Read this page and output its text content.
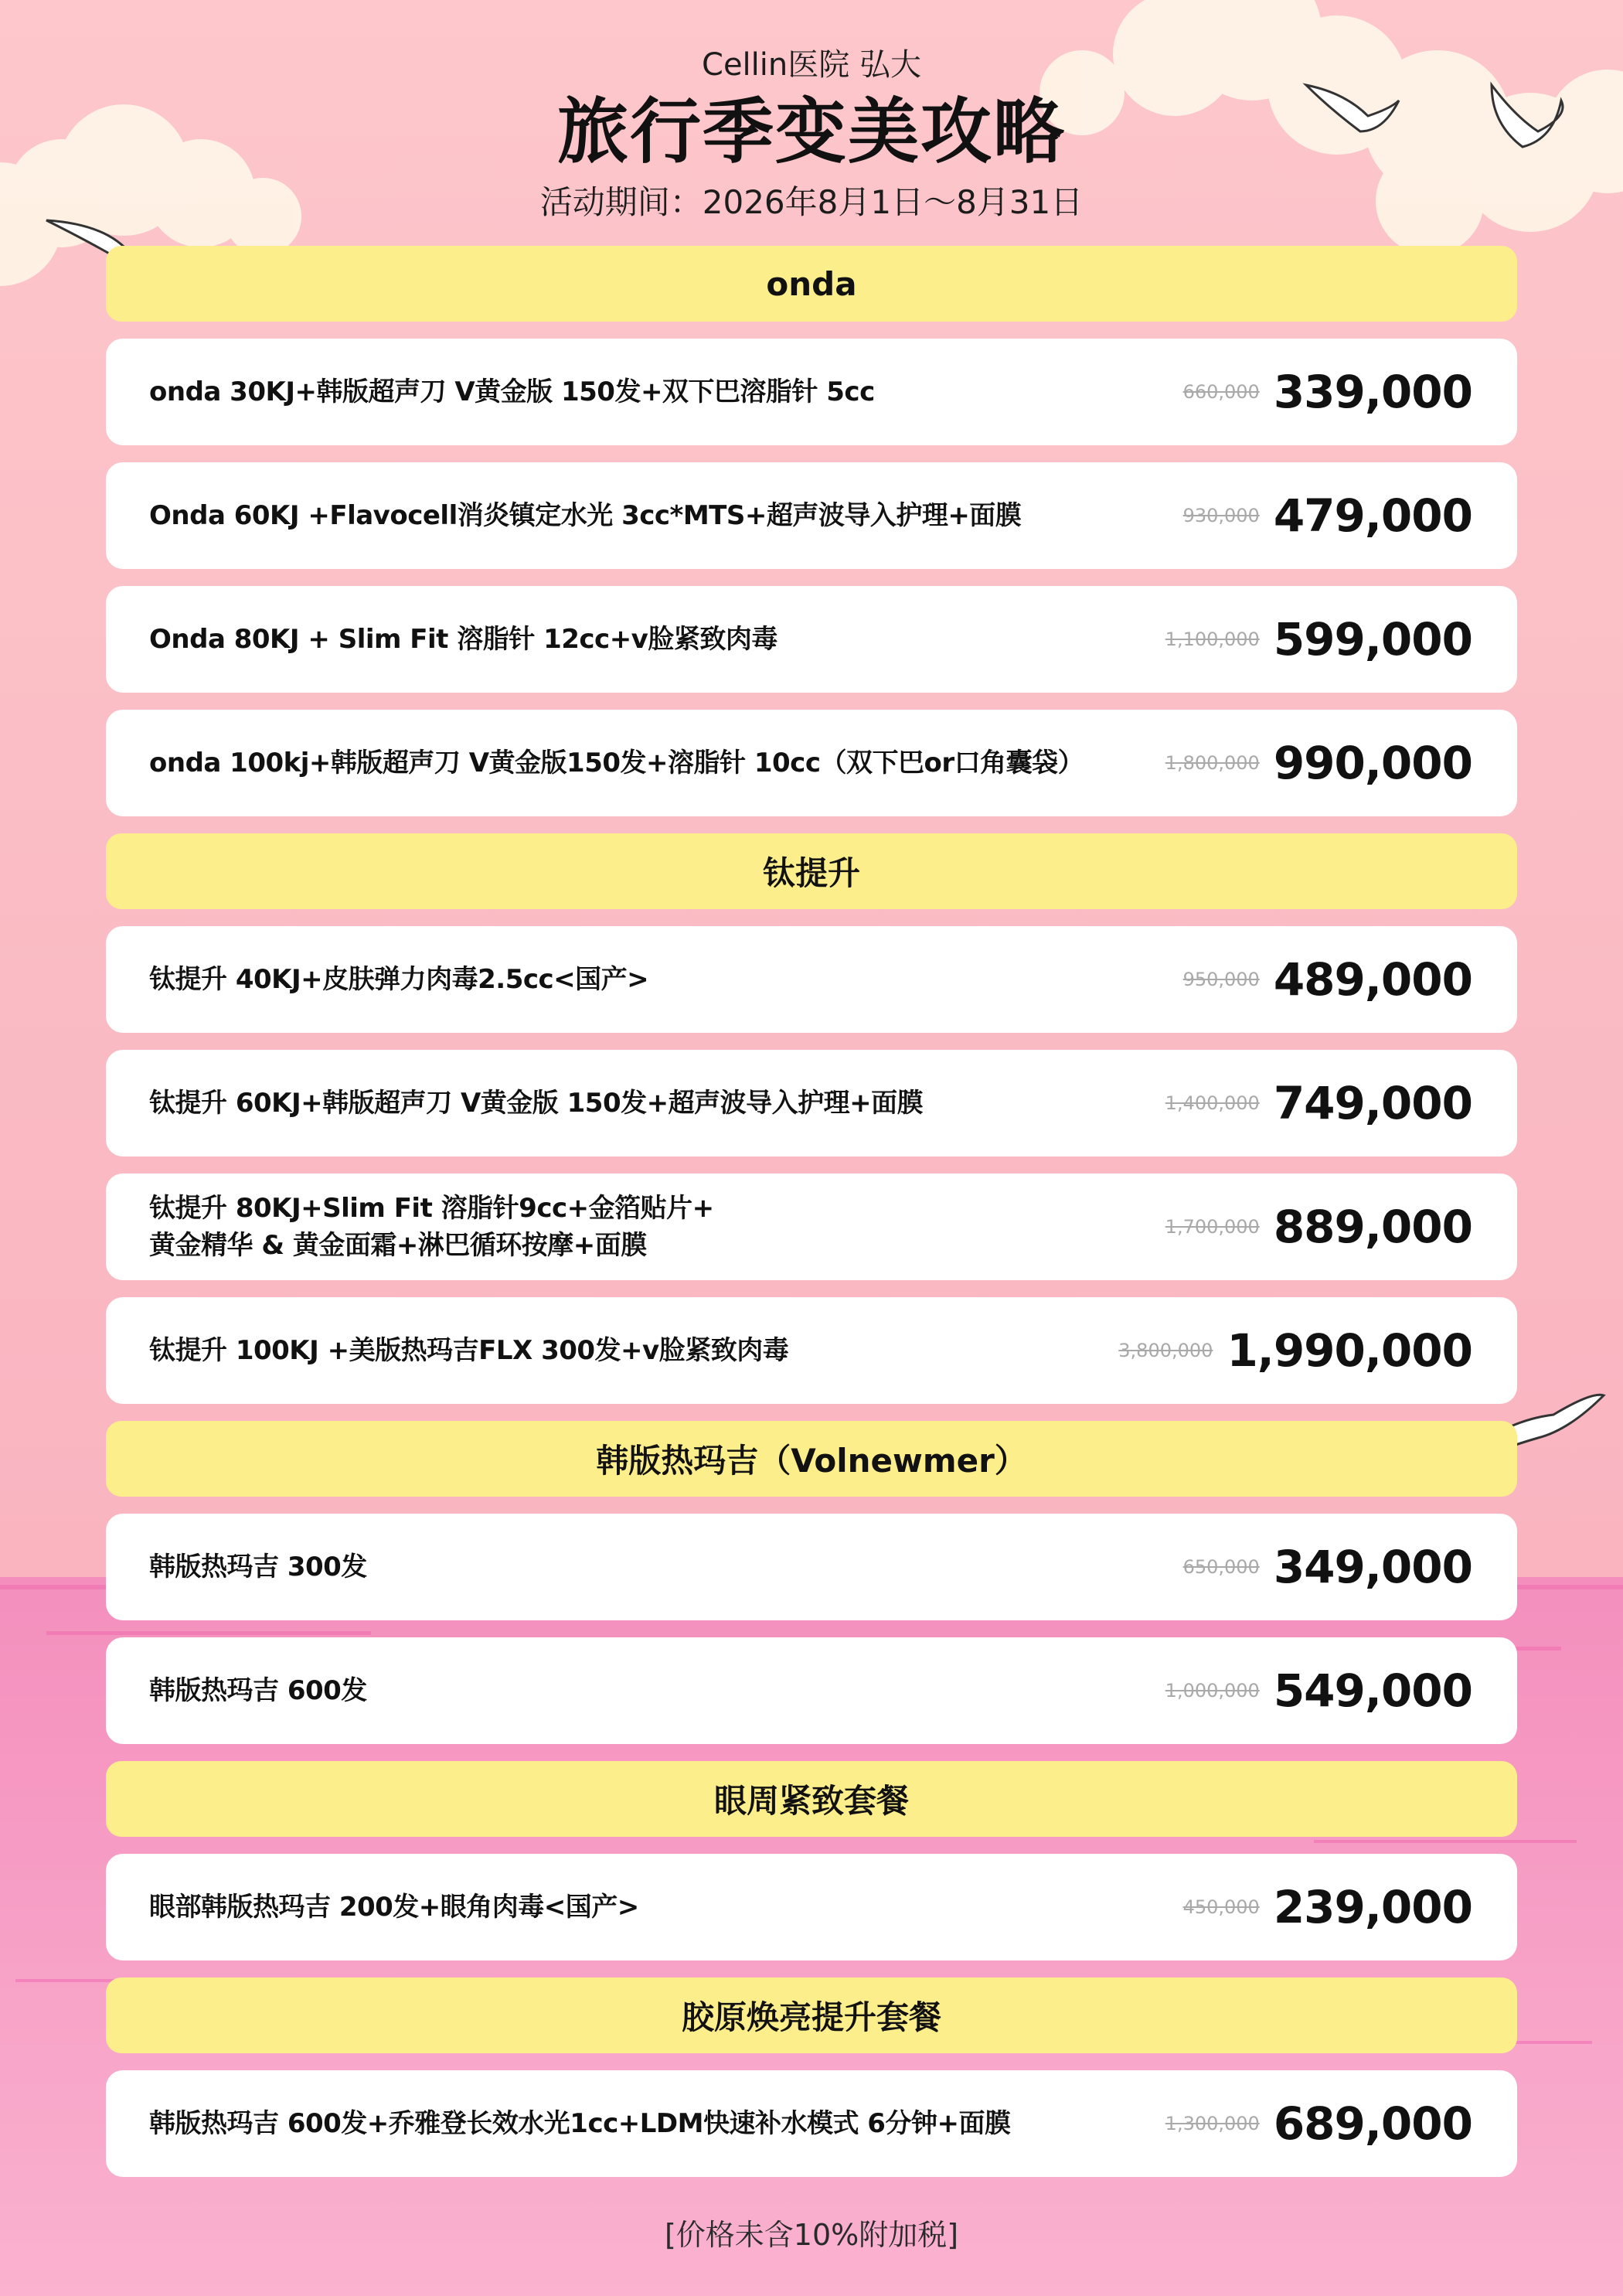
Cellin医院 弘大
旅行季变美攻略
活动期间：2026年8月1日～8月31日
onda
onda 30KJ+韩版超声刀 V黄金版 150发+双下巴溶脂针 5cc	660,000 339,000
Onda 60KJ +Flavocell消炎镇定水光 3cc*MTS+超声波导入护理+面膜	930,000 479,000
Onda 80KJ + Slim Fit 溶脂针 12cc+v脸紧致肉毒	1,100,000 599,000
onda 100kj+韩版超声刀 V黄金版150发+溶脂针 10cc（双下巴or口角囊袋）	1,800,000 990,000
钛提升
钛提升 40KJ+皮肤弹力肉毒2.5cc<国产>	950,000 489,000
钛提升 60KJ+韩版超声刀 V黄金版 150发+超声波导入护理+面膜	1,400,000 749,000
钛提升 80KJ+Slim Fit 溶脂针9cc+金箔贴片+
黄金精华 & 黄金面霜+淋巴循环按摩+面膜
1,700,000 889,000
钛提升 100KJ +美版热玛吉FLX 300发+v脸紧致肉毒	3,800,000 1,990,000
韩版热玛吉（Volnewmer）
韩版热玛吉 300发	650,000 349,000
韩版热玛吉 600发	1,000,000 549,000
眼周紧致套餐
眼部韩版热玛吉 200发+眼角肉毒<国产>	450,000 239,000
胶原焕亮提升套餐
韩版热玛吉 600发+乔雅登长效水光1cc+LDM快速补水模式 6分钟+面膜	1,300,000 689,000
[价格未含10%附加税]
